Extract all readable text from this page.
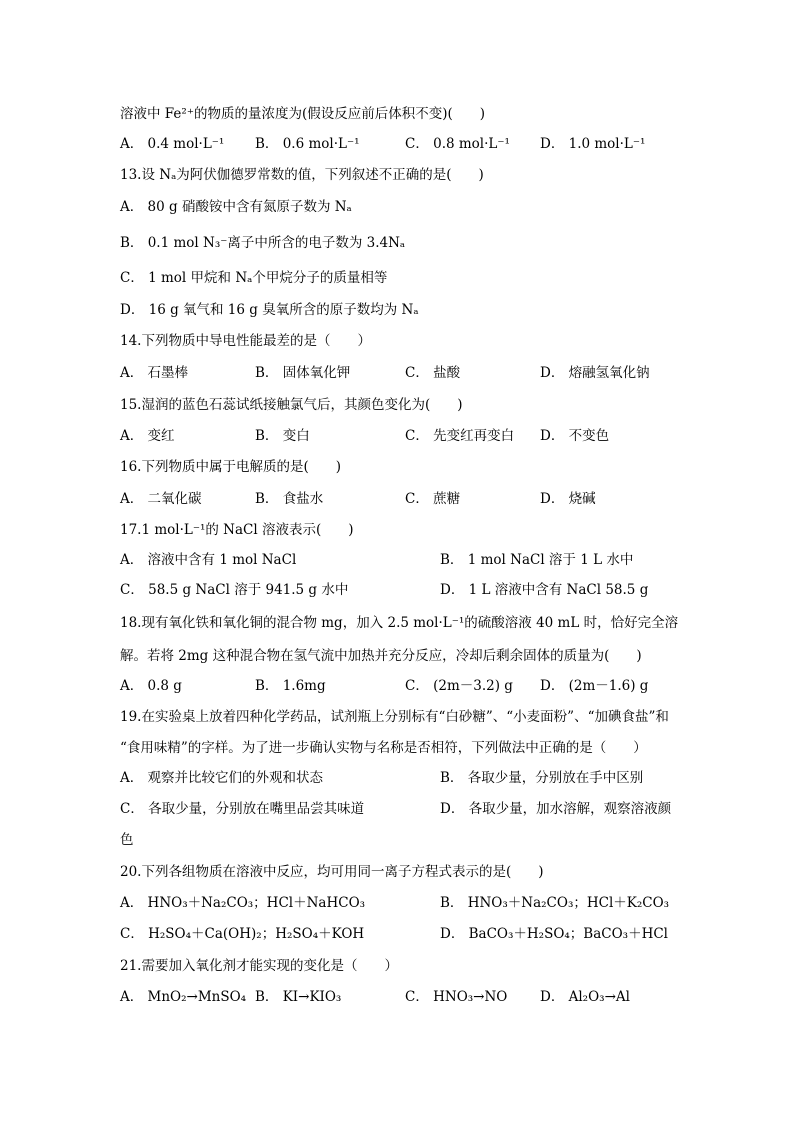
溶液中 Fe²⁺的物质的量浓度为(假设反应前后体积不变)(　　)
A． 0.4 mol·L⁻¹ B． 0.6 mol·L⁻¹	C． 0.8 mol·L⁻¹ D． 1.0 mol·L⁻¹
13.设 Nₐ为阿伏伽德罗常数的值，下列叙述不正确的是(　　)
A． 80 g 硝酸铵中含有氮原子数为 Nₐ
B． 0.1 mol N₃⁻离子中所含的电子数为 3.4Nₐ
C． 1 mol 甲烷和 Nₐ个甲烷分子的质量相等
D． 16 g 氧气和 16 g 臭氧所含的原子数均为 Nₐ
14.下列物质中导电性能最差的是（　　）
A． 石墨棒	B． 固体氧化钾	C． 盐酸	D． 熔融氢氧化钠
15.湿润的蓝色石蕊试纸接触氯气后，其颜色变化为(　　)
A． 变红	B． 变白	C． 先变红再变白 D． 不变色
16.下列物质中属于电解质的是(　　)
A． 二氧化碳	B． 食盐水	C． 蔗糖	D． 烧碱
17.1 mol·L⁻¹的 NaCl 溶液表示(　　)
A． 溶液中含有 1 mol NaCl	B． 1 mol NaCl 溶于 1 L 水中
C． 58.5 g NaCl 溶于 941.5 g 水中	D． 1 L 溶液中含有 NaCl 58.5 g
18.现有氧化铁和氧化铜的混合物 mg，加入 2.5 mol·L⁻¹的硫酸溶液 40 mL 时，恰好完全溶
解。若将 2mg 这种混合物在氢气流中加热并充分反应，冷却后剩余固体的质量为(　　)
A． 0.8 g	B． 1.6mg	C． (2m－3.2) g D． (2m－1.6) g
19.在实验桌上放着四种化学药品，试剂瓶上分别标有“白砂糖”、“小麦面粉”、“加碘食盐”和
“食用味精”的字样。为了进一步确认实物与名称是否相符，下列做法中正确的是（　　）
A． 观察并比较它们的外观和状态	B． 各取少量，分别放在手中区别
C． 各取少量，分别放在嘴里品尝其味道	D． 各取少量，加水溶解，观察溶液颜
色
20.下列各组物质在溶液中反应，均可用同一离子方程式表示的是(　　)
A． HNO₃＋Na₂CO₃；HCl＋NaHCO₃	B． HNO₃＋Na₂CO₃；HCl＋K₂CO₃
C． H₂SO₄＋Ca(OH)₂；H₂SO₄＋KOH	D． BaCO₃＋H₂SO₄；BaCO₃＋HCl
21.需要加入氧化剂才能实现的变化是（　　）
A． MnO₂→MnSO₄ B． KI→KIO₃	C． HNO₃→NO D． Al₂O₃→Al
